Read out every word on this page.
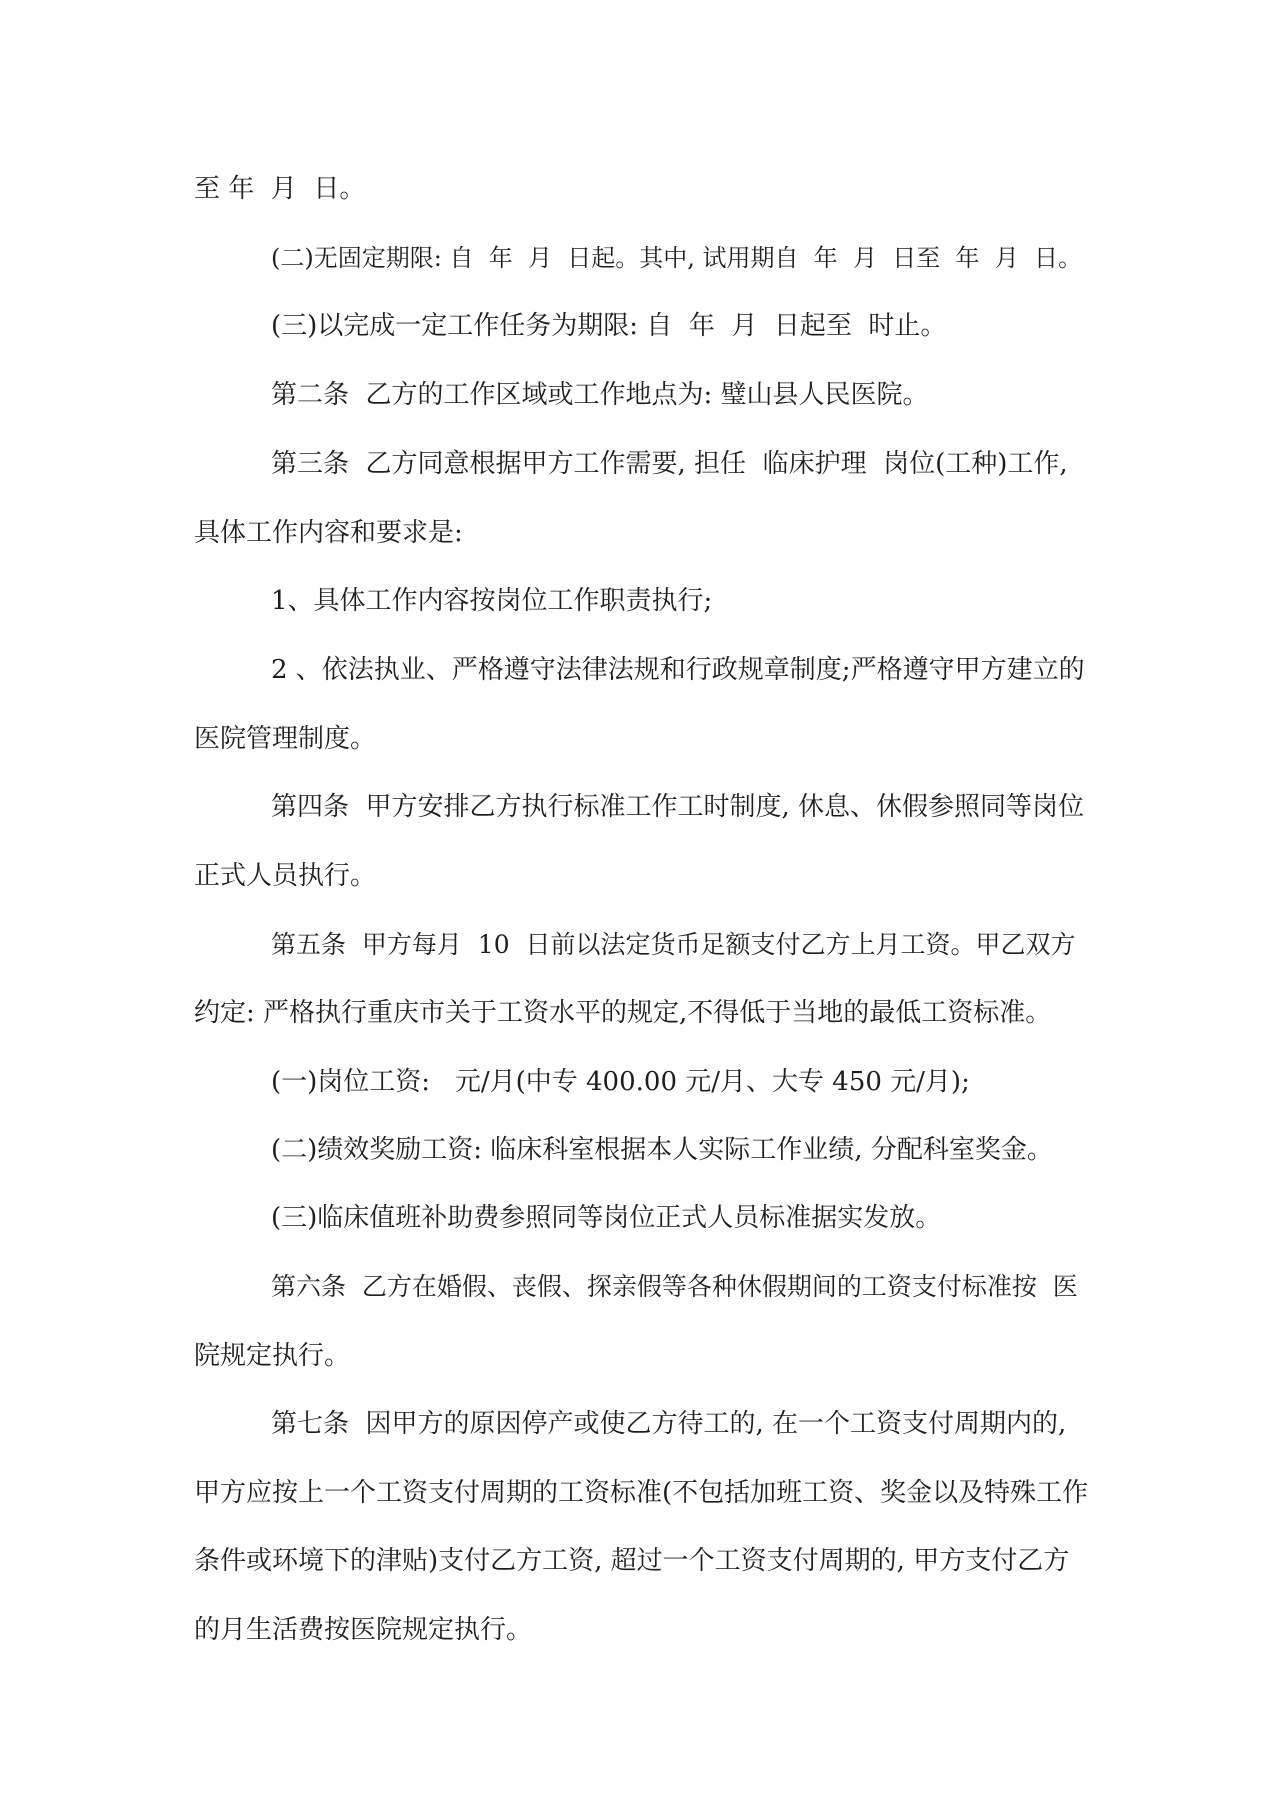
至 年  月  日。

(二)无固定期限: 自  年  月  日起。其中, 试用期自  年  月  日至  年  月  日。

(三)以完成一定工作任务为期限: 自  年  月  日起至  时止。

第二条  乙方的工作区域或工作地点为: 璧山县人民医院。

第三条  乙方同意根据甲方工作需要, 担任  临床护理  岗位(工种)工作,

具体工作内容和要求是:

1、具体工作内容按岗位工作职责执行;

2 、依法执业、严格遵守法律法规和行政规章制度;严格遵守甲方建立的

医院管理制度。

第四条  甲方安排乙方执行标准工作工时制度, 休息、休假参照同等岗位

正式人员执行。

第五条  甲方每月  10  日前以法定货币足额支付乙方上月工资。甲乙双方

约定: 严格执行重庆市关于工资水平的规定,不得低于当地的最低工资标准。

(一)岗位工资:   元/月(中专 400.00 元/月、大专 450 元/月);

(二)绩效奖励工资: 临床科室根据本人实际工作业绩, 分配科室奖金。

(三)临床值班补助费参照同等岗位正式人员标准据实发放。

第六条  乙方在婚假、丧假、探亲假等各种休假期间的工资支付标准按  医

院规定执行。

第七条  因甲方的原因停产或使乙方待工的, 在一个工资支付周期内的,

甲方应按上一个工资支付周期的工资标准(不包括加班工资、奖金以及特殊工作

条件或环境下的津贴)支付乙方工资, 超过一个工资支付周期的, 甲方支付乙方

的月生活费按医院规定执行。
